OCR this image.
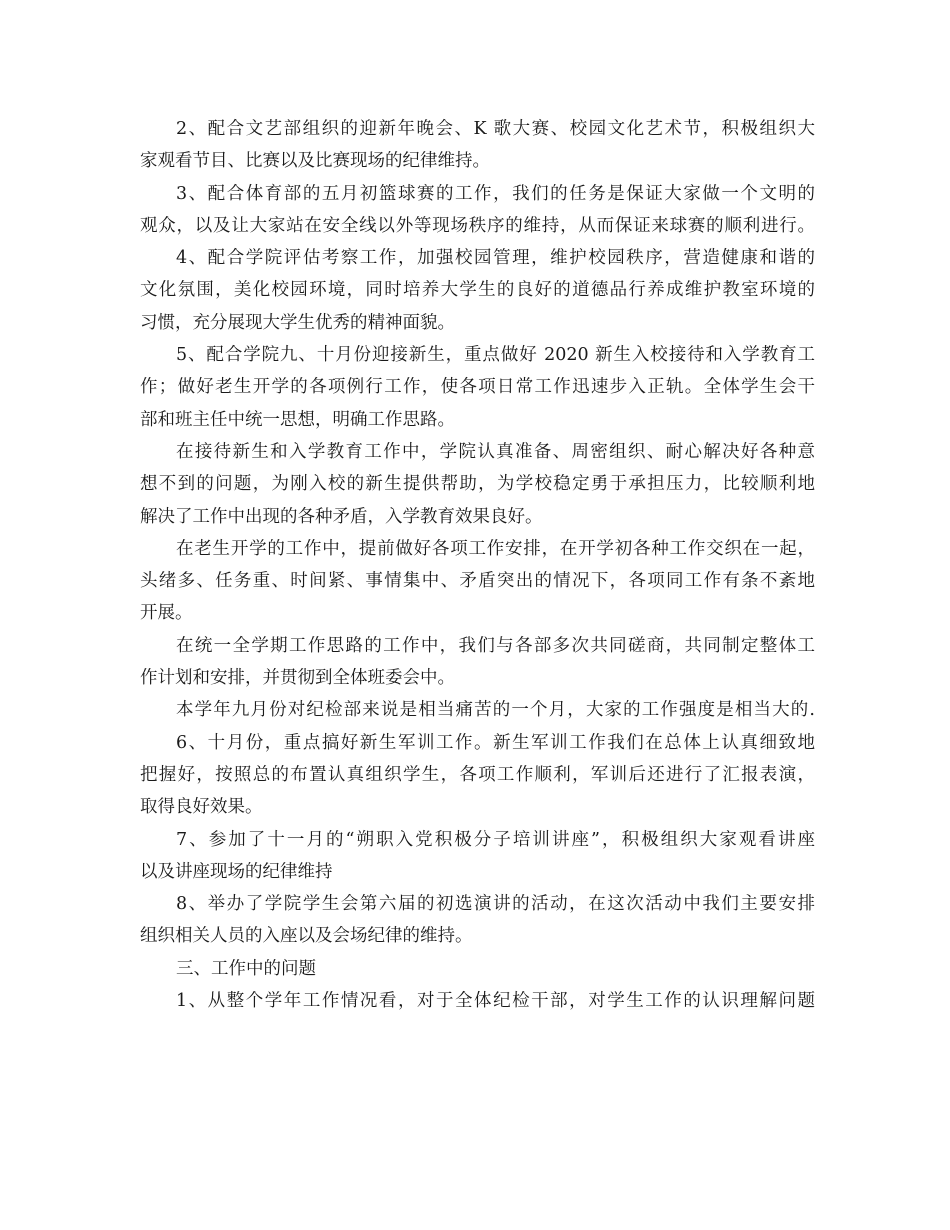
2、配合文艺部组织的迎新年晚会、K 歌大赛、校园文化艺术节，积极组织大
家观看节目、比赛以及比赛现场的纪律维持。
3、配合体育部的五月初篮球赛的工作，我们的任务是保证大家做一个文明的
观众，以及让大家站在安全线以外等现场秩序的维持，从而保证来球赛的顺利进行。
4、配合学院评估考察工作，加强校园管理，维护校园秩序，营造健康和谐的
文化氛围，美化校园环境，同时培养大学生的良好的道德品行养成维护教室环境的
习惯，充分展现大学生优秀的精神面貌。
5、配合学院九、十月份迎接新生，重点做好 2020 新生入校接待和入学教育工
作；做好老生开学的各项例行工作，使各项日常工作迅速步入正轨。全体学生会干
部和班主任中统一思想，明确工作思路。
在接待新生和入学教育工作中，学院认真准备、周密组织、耐心解决好各种意
想不到的问题，为刚入校的新生提供帮助，为学校稳定勇于承担压力，比较顺利地
解决了工作中出现的各种矛盾，入学教育效果良好。
在老生开学的工作中，提前做好各项工作安排，在开学初各种工作交织在一起，
头绪多、任务重、时间紧、事情集中、矛盾突出的情况下，各项同工作有条不紊地
开展。
在统一全学期工作思路的工作中，我们与各部多次共同磋商，共同制定整体工
作计划和安排，并贯彻到全体班委会中。
本学年九月份对纪检部来说是相当痛苦的一个月，大家的工作强度是相当大的.
6、十月份，重点搞好新生军训工作。新生军训工作我们在总体上认真细致地
把握好，按照总的布置认真组织学生，各项工作顺利，军训后还进行了汇报表演，
取得良好效果。
7、参加了十一月的“朔职入党积极分子培训讲座”，积极组织大家观看讲座
以及讲座现场的纪律维持
8、举办了学院学生会第六届的初选演讲的活动，在这次活动中我们主要安排
组织相关人员的入座以及会场纪律的维持。
三、工作中的问题
1、从整个学年工作情况看，对于全体纪检干部，对学生工作的认识理解问题
